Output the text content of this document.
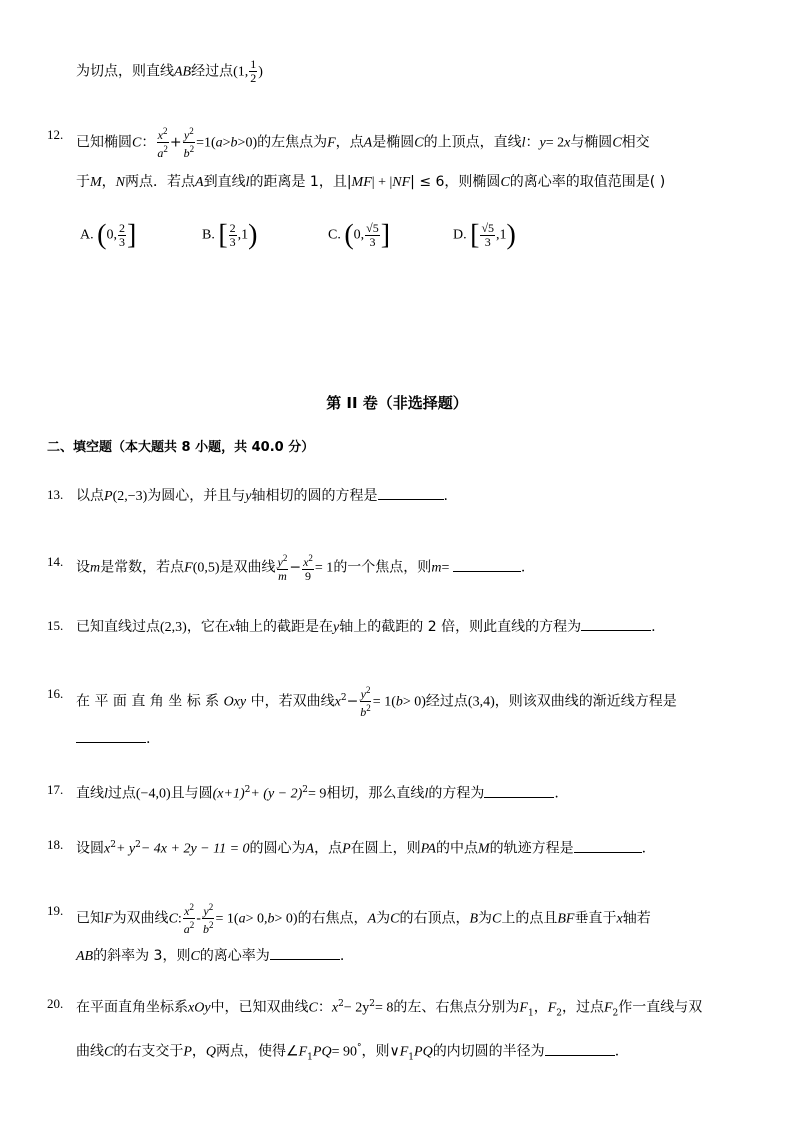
为切点，则直线AB经过点(1, $\frac{1}{2}$ )
12. 已知椭圆C： $\frac{x^2}{a^2} + \frac{y^2}{b^2} =1(a>b>0)$的左焦点为F，点A是椭圆C的上顶点，直线l：y= 2x与椭圆C相交
于M，N两点．若点A到直线l的距离是 1，且|MF| + |NF| ≤ 6，则椭圆C的离心率的取值范围是( )
A. (0, $\frac{2}{3}$ ]	B. [ $\frac{2}{3} ,1$)	C. (0, $\frac{√5}{3}$ ]	D. [ $\frac{√5}{3} ,1$)
第 II 卷（非选择题）
二、填空题（本大题共 8 小题，共 40.0 分）
13. 以点P(2,−3)为圆心，并且与y轴相切的圆的方程是	.
14. 设m是常数，若点F(0,5)是双曲线 $\frac{y^2}{m} - \frac{x^2}{9} = 1$的一个焦点，则m=	.
15. 已知直线过点(2,3)，它在x轴上的截距是在y轴上的截距的 2 倍，则此直线的方程为	.
16. 在 平 面 直 角 坐 标 系 Oxy 中，若双曲线$x^2- \frac{y^2}{b^2} = 1(b> 0)$经过点(3,4)，则该双曲线的渐近线方程是
.
17. 直线l过点(−4,0)且与圆$(x+1)^2+ (y - 2)^2= 9$相切，那么直线l的方程为	.
18. 设圆$x^2+ y^2- 4x + 2y - 11 = 0$的圆心为A，点P在圆上，则PA的中点M的轨迹方程是	.
19. 已知F为双曲线C: $\frac{x^2}{a^2} - \frac{y^2}{b^2} = 1(a> 0,b> 0)$的右焦点，A为C的右顶点，B为C上的点且BF垂直于x轴若
AB的斜率为 3，则C的离心率为	.
20. 在平面直角坐标系xOy中，已知双曲线C：$x^2- 2y^2= 8$的左、右焦点分别为$F_1$，$F_2$，过点$F_2$作一直线与双
曲线C的右支交于P，Q两点，使得$\angle F_1PQ= 90^\circ$，则$\vee F_1PQ$的内切圆的半径为	.
